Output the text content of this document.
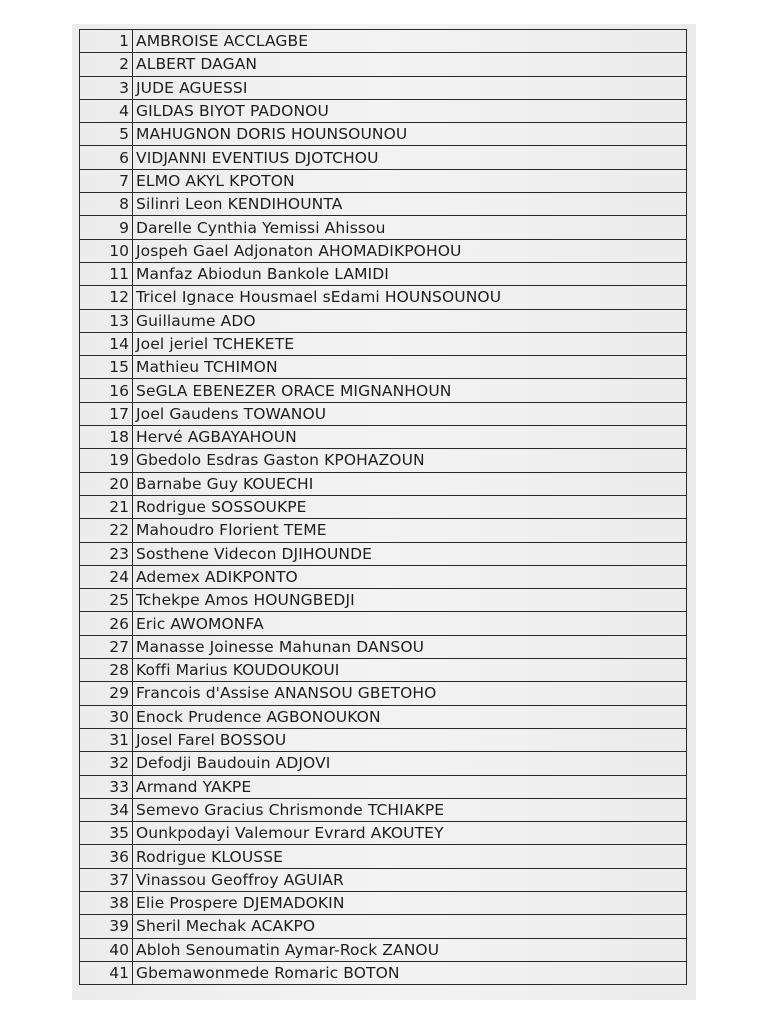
1	AMBROISE ACCLAGBE
2	ALBERT DAGAN
3	JUDE AGUESSI
4	GILDAS BIYOT PADONOU
5	MAHUGNON DORIS HOUNSOUNOU
6	VIDJANNI EVENTIUS DJOTCHOU
7	ELMO AKYL KPOTON
8	Silinri Leon KENDIHOUNTA
9	Darelle Cynthia Yemissi Ahissou
10	Jospeh Gael Adjonaton AHOMADIKPOHOU
11	Manfaz Abiodun Bankole LAMIDI
12	Tricel Ignace Housmael sEdami HOUNSOUNOU
13	Guillaume ADO
14	Joel jeriel TCHEKETE
15	Mathieu TCHIMON
16	SeGLA EBENEZER ORACE MIGNANHOUN
17	Joel Gaudens TOWANOU
18	Hervé AGBAYAHOUN
19	Gbedolo Esdras Gaston KPOHAZOUN
20	Barnabe Guy KOUECHI
21	Rodrigue SOSSOUKPE
22	Mahoudro Florient TEME
23	Sosthene Videcon DJIHOUNDE
24	Ademex ADIKPONTO
25	Tchekpe Amos HOUNGBEDJI
26	Eric AWOMONFA
27	Manasse Joinesse Mahunan DANSOU
28	Koffi Marius KOUDOUKOUI
29	Francois d'Assise ANANSOU GBETOHO
30	Enock Prudence AGBONOUKON
31	Josel Farel BOSSOU
32	Defodji Baudouin ADJOVI
33	Armand YAKPE
34	Semevo Gracius Chrismonde TCHIAKPE
35	Ounkpodayi Valemour Evrard AKOUTEY
36	Rodrigue KLOUSSE
37	Vinassou Geoffroy AGUIAR
38	Elie Prospere DJEMADOKIN
39	Sheril Mechak ACAKPO
40	Abloh Senoumatin Aymar-Rock ZANOU
41	Gbemawonmede Romaric BOTON
